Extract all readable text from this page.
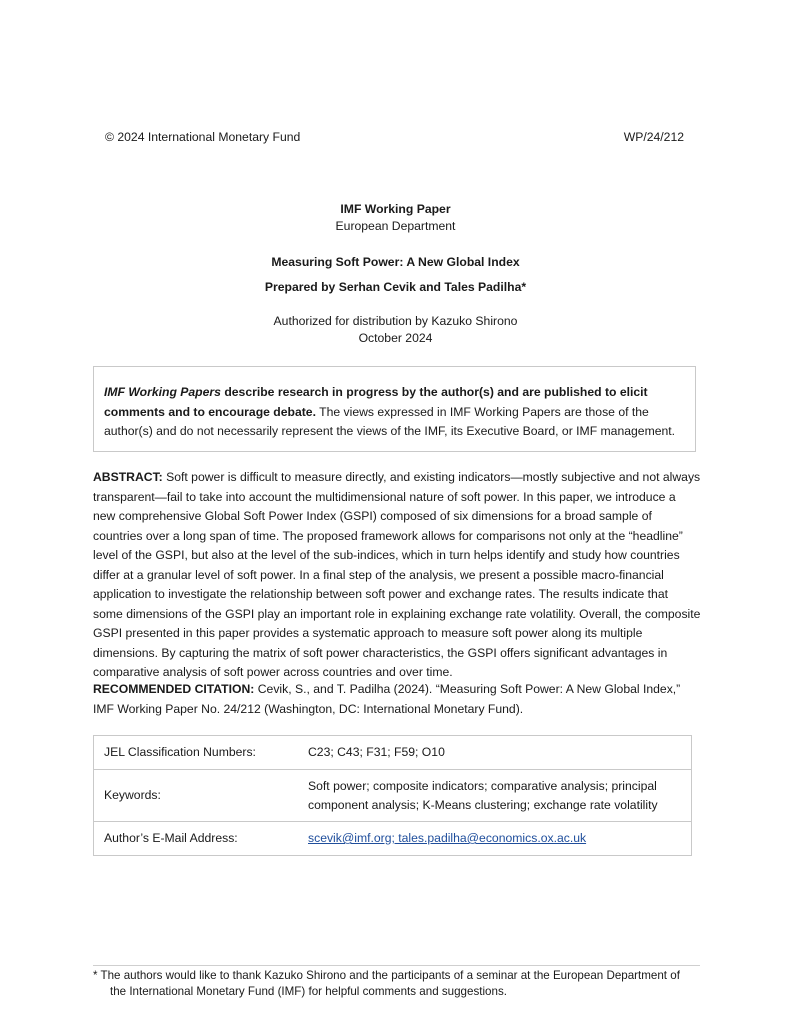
© 2024 International Monetary Fund	WP/24/212
IMF Working Paper
European Department
Measuring Soft Power: A New Global Index
Prepared by Serhan Cevik and Tales Padilha*
Authorized for distribution by Kazuko Shirono
October 2024
IMF Working Papers describe research in progress by the author(s) and are published to elicit comments and to encourage debate. The views expressed in IMF Working Papers are those of the author(s) and do not necessarily represent the views of the IMF, its Executive Board, or IMF management.
ABSTRACT: Soft power is difficult to measure directly, and existing indicators—mostly subjective and not always transparent—fail to take into account the multidimensional nature of soft power. In this paper, we introduce a new comprehensive Global Soft Power Index (GSPI) composed of six dimensions for a broad sample of countries over a long span of time. The proposed framework allows for comparisons not only at the “headline” level of the GSPI, but also at the level of the sub-indices, which in turn helps identify and study how countries differ at a granular level of soft power. In a final step of the analysis, we present a possible macro-financial application to investigate the relationship between soft power and exchange rates. The results indicate that some dimensions of the GSPI play an important role in explaining exchange rate volatility. Overall, the composite GSPI presented in this paper provides a systematic approach to measure soft power along its multiple dimensions. By capturing the matrix of soft power characteristics, the GSPI offers significant advantages in comparative analysis of soft power across countries and over time.
RECOMMENDED CITATION: Cevik, S., and T. Padilha (2024). “Measuring Soft Power: A New Global Index,” IMF Working Paper No. 24/212 (Washington, DC: International Monetary Fund).
JEL Classification Numbers:	C23; C43; F31; F59; O10
Keywords:	Soft power; composite indicators; comparative analysis; principal
component analysis; K-Means clustering; exchange rate volatility
Author’s E-Mail Address:	scevik@imf.org; tales.padilha@economics.ox.ac.uk
* The authors would like to thank Kazuko Shirono and the participants of a seminar at the European Department of
the International Monetary Fund (IMF) for helpful comments and suggestions.
